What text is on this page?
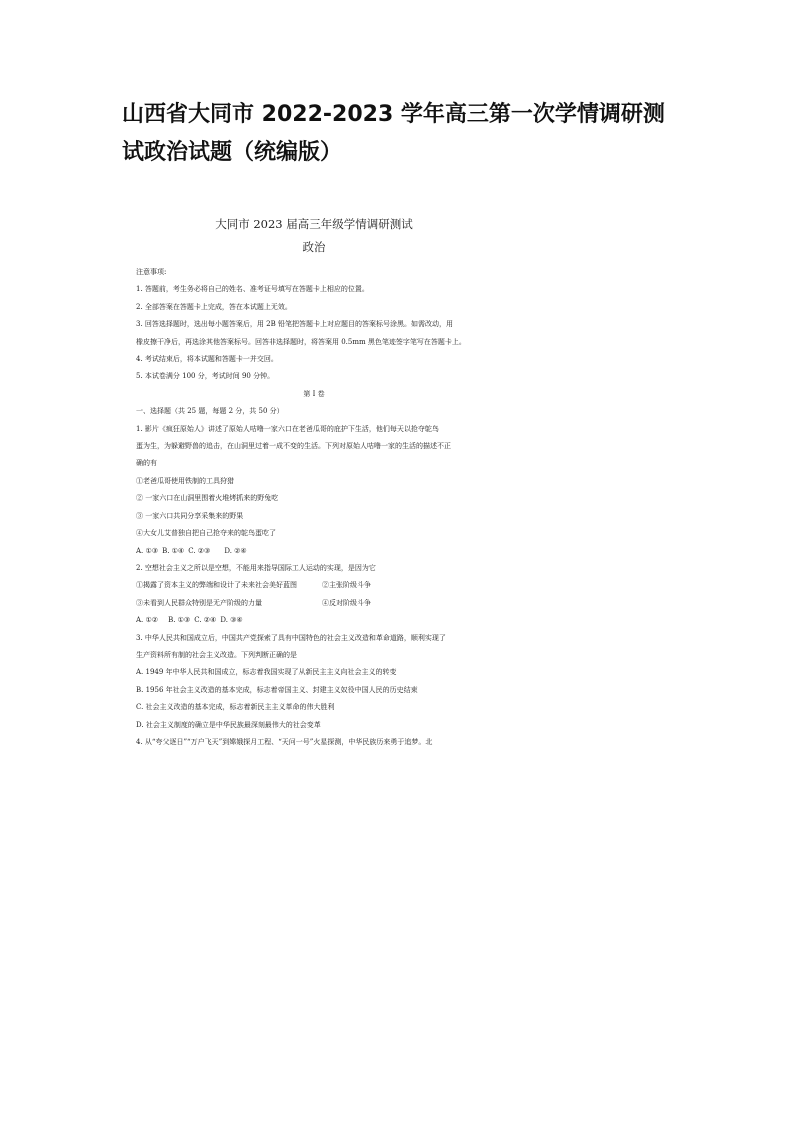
山西省大同市 2022-2023 学年高三第一次学情调研测
试政治试题（统编版）
大同市 2023 届高三年级学情调研测试
政治
注意事项:
1. 答题前，考生务必将自己的姓名、准考证号填写在答题卡上相应的位置。
2. 全部答案在答题卡上完成，答在本试题上无效。
3. 回答选择题时，选出每小题答案后，用 2B 铅笔把答题卡上对应题目的答案标号涂黑。如需改动，用
橡皮擦干净后，再选涂其他答案标号。回答非选择题时，将答案用 0.5mm 黑色笔迹签字笔写在答题卡上。
4. 考试结束后，将本试题和答题卡一并交回。
5. 本试卷满分 100 分，考试时间 90 分钟。
第 I 卷
一、选择题（共 25 题，每题 2 分，共 50 分）
1. 影片《疯狂原始人》讲述了原始人咕噜一家六口在老爸瓜哥的庇护下生活，他们每天以抢夺鸵鸟
蛋为生，为躲避野兽的追击，在山洞里过着一成不变的生活。下列对原始人咕噜一家的生活的描述不正
确的有
①老爸瓜哥使用铁制的工具狩猎
② 一家六口在山洞里围着火堆烤抓来的野兔吃
③ 一家六口共同分享采集来的野果
④大女儿艾普独自把自己抢夺来的鸵鸟蛋吃了
A. ①③ B. ①④ C. ②③ D. ②④
2. 空想社会主义之所以是空想，不能用来指导国际工人运动的实现，是因为它
①揭露了资本主义的弊端和设计了未来社会美好蓝图	②主张阶级斗争
③未看到人民群众特别是无产阶级的力量	④反对阶级斗争
A. ①② B. ①③ C. ②④ D. ③④
3. 中华人民共和国成立后，中国共产党探索了具有中国特色的社会主义改造和革命道路，顺利实现了
生产资料所有制的社会主义改造。下列判断正确的是
A. 1949 年中华人民共和国成立，标志着我国实现了从新民主主义向社会主义的转变
B. 1956 年社会主义改造的基本完成，标志着帝国主义、封建主义奴役中国人民的历史结束
C. 社会主义改造的基本完成，标志着新民主主义革命的伟大胜利
D. 社会主义制度的确立是中华民族最深刻最伟大的社会变革
4. 从“夸父逐日”“万户飞天”到嫦娥探月工程、“天问一号”火星探测，中华民族历来勇于追梦。北
